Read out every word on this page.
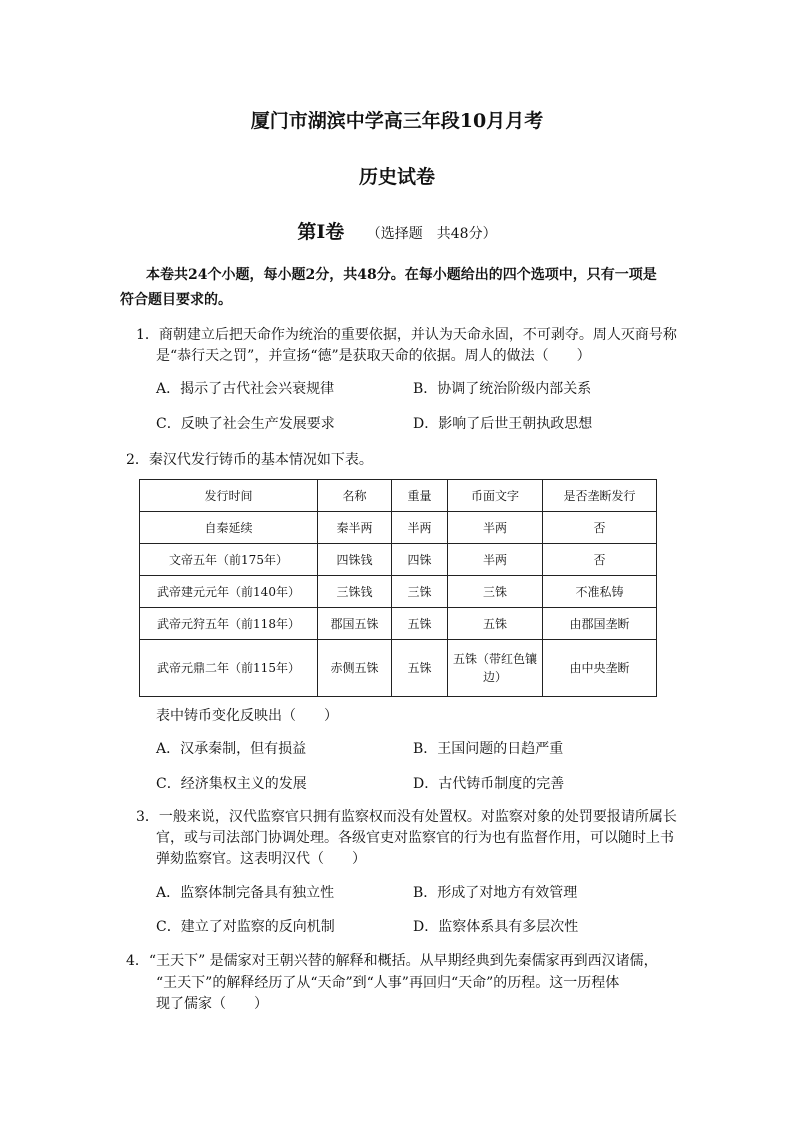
厦门市湖滨中学高三年段10月月考
历史试卷
第Ⅰ卷 （选择题　共48分）
本卷共24个小题，每小题2分，共48分。在每小题给出的四个选项中，只有一项是
符合题目要求的。
1．商朝建立后把天命作为统治的重要依据，并认为天命永固，不可剥夺。周人灭商号称
是“恭行天之罚”，并宣扬“德”是获取天命的依据。周人的做法（　　）
A．揭示了古代社会兴衰规律	B．协调了统治阶级内部关系
C．反映了社会生产发展要求	D．影响了后世王朝执政思想
2．秦汉代发行铸币的基本情况如下表。
发行时间	名称	重量	币面文字	是否垄断发行
自秦延续	秦半两	半两	半两	否
文帝五年（前175年）	四铢钱	四铢	半两	否
武帝建元元年（前140年）	三铢钱	三铢	三铢	不准私铸
武帝元狩五年（前118年）	郡国五铢	五铢	五铢	由郡国垄断
武帝元鼎二年（前115年）	赤侧五铢	五铢	五铢（带红色镶边）	由中央垄断
表中铸币变化反映出（　　）
A．汉承秦制，但有损益	B．王国问题的日趋严重
C．经济集权主义的发展	D．古代铸币制度的完善
3．一般来说，汉代监察官只拥有监察权而没有处置权。对监察对象的处罚要报请所属长
官，或与司法部门协调处理。各级官吏对监察官的行为也有监督作用，可以随时上书
弹劾监察官。这表明汉代（　　）
A．监察体制完备具有独立性	B．形成了对地方有效管理
C．建立了对监察的反向机制	D．监察体系具有多层次性
4．“王天下” 是儒家对王朝兴替的解释和概括。从早期经典到先秦儒家再到西汉诸儒，
“王天下”的解释经历了从“天命”到“人事”再回归“天命”的历程。这一历程体
现了儒家（　　）
